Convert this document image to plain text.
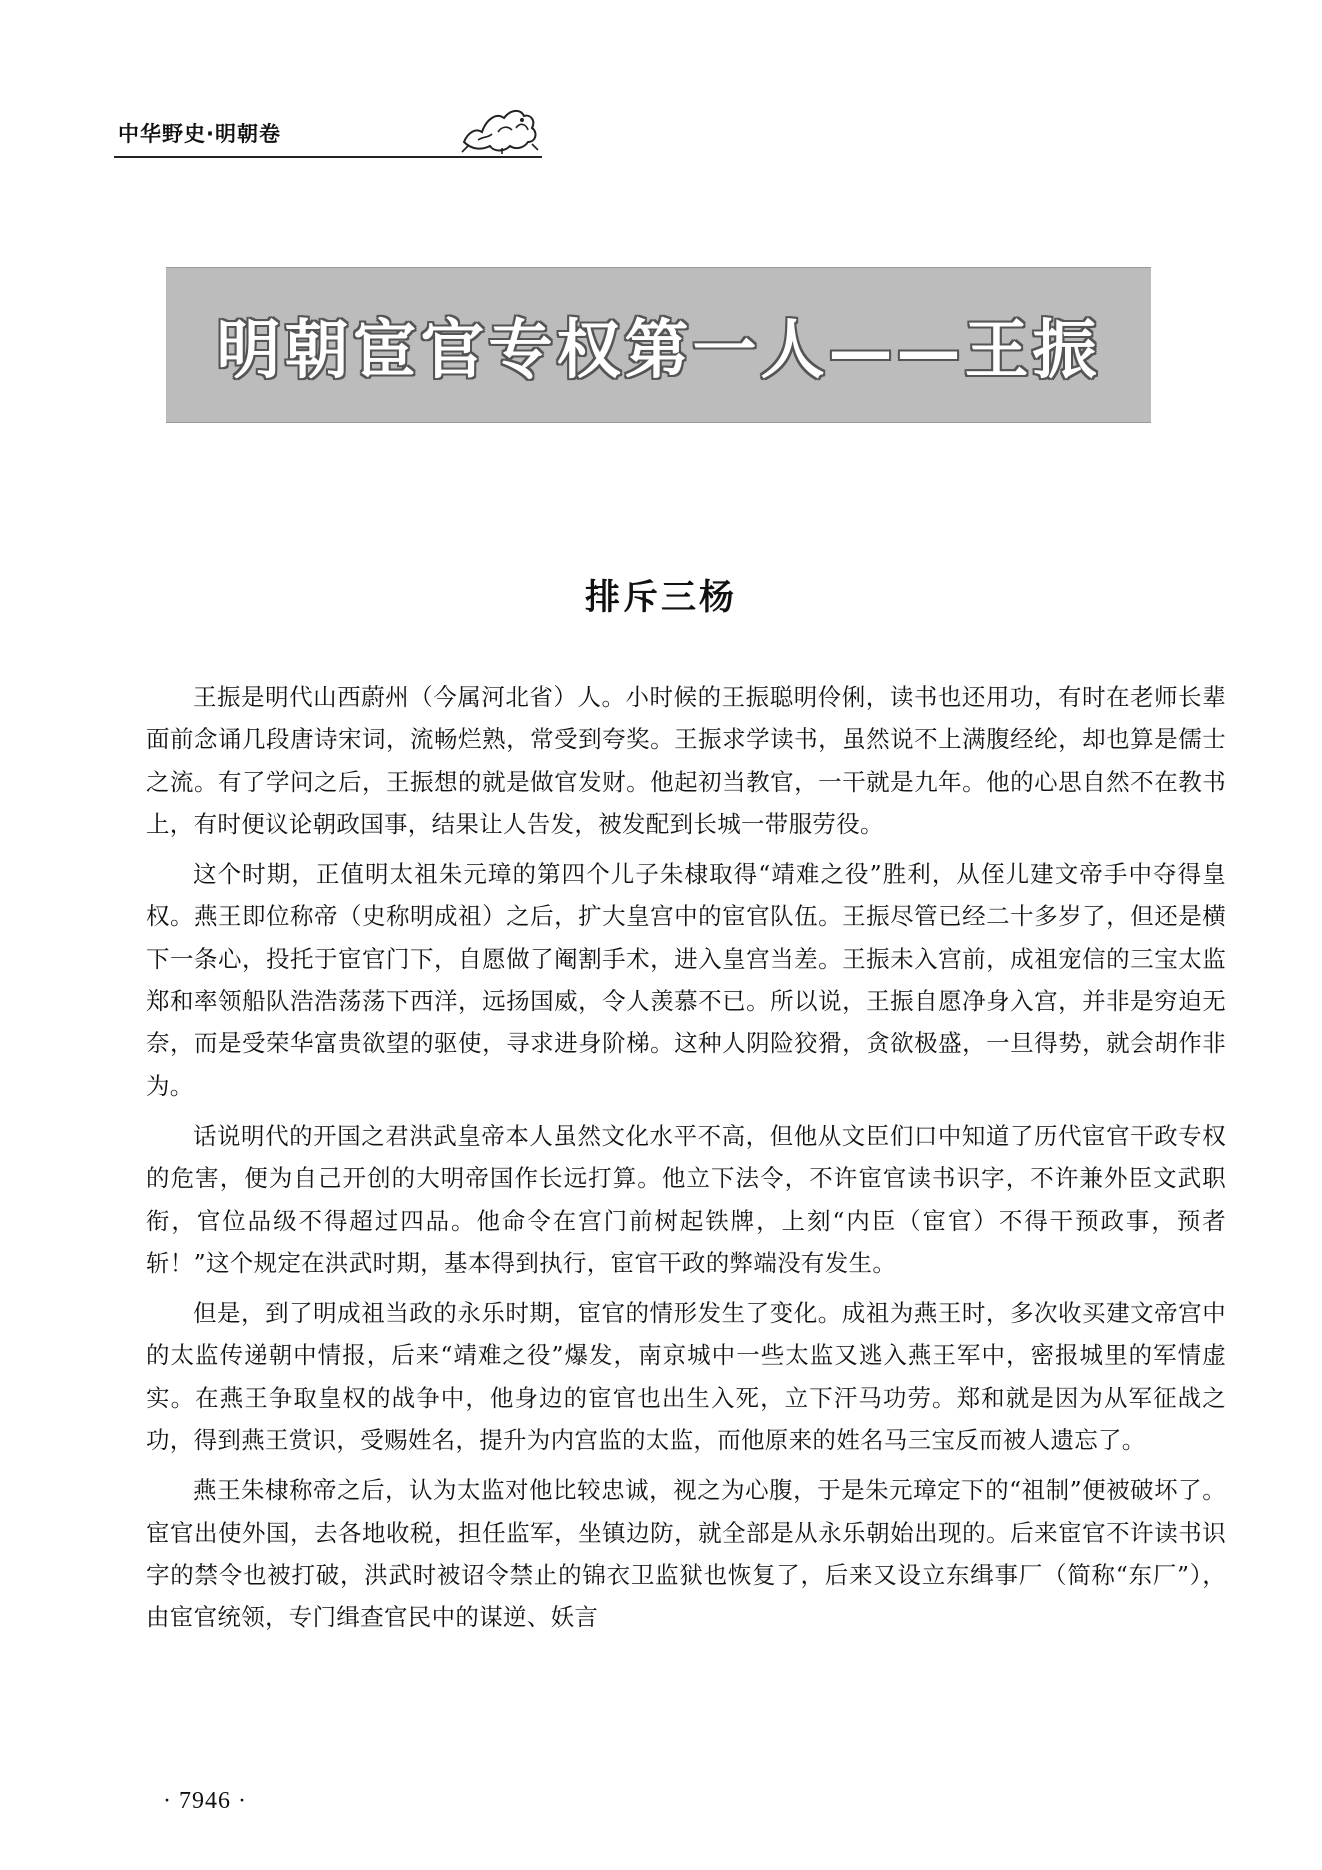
中华野史·明朝卷
明朝宦官专权第一人——王振
排斥三杨

王振是明代山西蔚州（今属河北省）人。小时候的王振聪明伶俐，读书也还用功，有时在老师长辈面前念诵几段唐诗宋词，流畅烂熟，常受到夸奖。王振求学读书，虽然说不上满腹经纶，却也算是儒士之流。有了学问之后，王振想的就是做官发财。他起初当教官，一干就是九年。他的心思自然不在教书上，有时便议论朝政国事，结果让人告发，被发配到长城一带服劳役。

这个时期，正值明太祖朱元璋的第四个儿子朱棣取得“靖难之役”胜利，从侄儿建文帝手中夺得皇权。燕王即位称帝（史称明成祖）之后，扩大皇宫中的宦官队伍。王振尽管已经二十多岁了，但还是横下一条心，投托于宦官门下，自愿做了阉割手术，进入皇宫当差。王振未入宫前，成祖宠信的三宝太监郑和率领船队浩浩荡荡下西洋，远扬国威，令人羡慕不已。所以说，王振自愿净身入宫，并非是穷迫无奈，而是受荣华富贵欲望的驱使，寻求进身阶梯。这种人阴险狡猾，贪欲极盛，一旦得势，就会胡作非为。

话说明代的开国之君洪武皇帝本人虽然文化水平不高，但他从文臣们口中知道了历代宦官干政专权的危害，便为自己开创的大明帝国作长远打算。他立下法令，不许宦官读书识字，不许兼外臣文武职衔，官位品级不得超过四品。他命令在宫门前树起铁牌，上刻“内臣（宦官）不得干预政事，预者斩！”这个规定在洪武时期，基本得到执行，宦官干政的弊端没有发生。

但是，到了明成祖当政的永乐时期，宦官的情形发生了变化。成祖为燕王时，多次收买建文帝宫中的太监传递朝中情报，后来“靖难之役”爆发，南京城中一些太监又逃入燕王军中，密报城里的军情虚实。在燕王争取皇权的战争中，他身边的宦官也出生入死，立下汗马功劳。郑和就是因为从军征战之功，得到燕王赏识，受赐姓名，提升为内宫监的太监，而他原来的姓名马三宝反而被人遗忘了。

燕王朱棣称帝之后，认为太监对他比较忠诚，视之为心腹，于是朱元璋定下的“祖制”便被破坏了。宦官出使外国，去各地收税，担任监军，坐镇边防，就全部是从永乐朝始出现的。后来宦官不许读书识字的禁令也被打破，洪武时被诏令禁止的锦衣卫监狱也恢复了，后来又设立东缉事厂（简称“东厂”），由宦官统领，专门缉查官民中的谋逆、妖言

· 7946 ·
